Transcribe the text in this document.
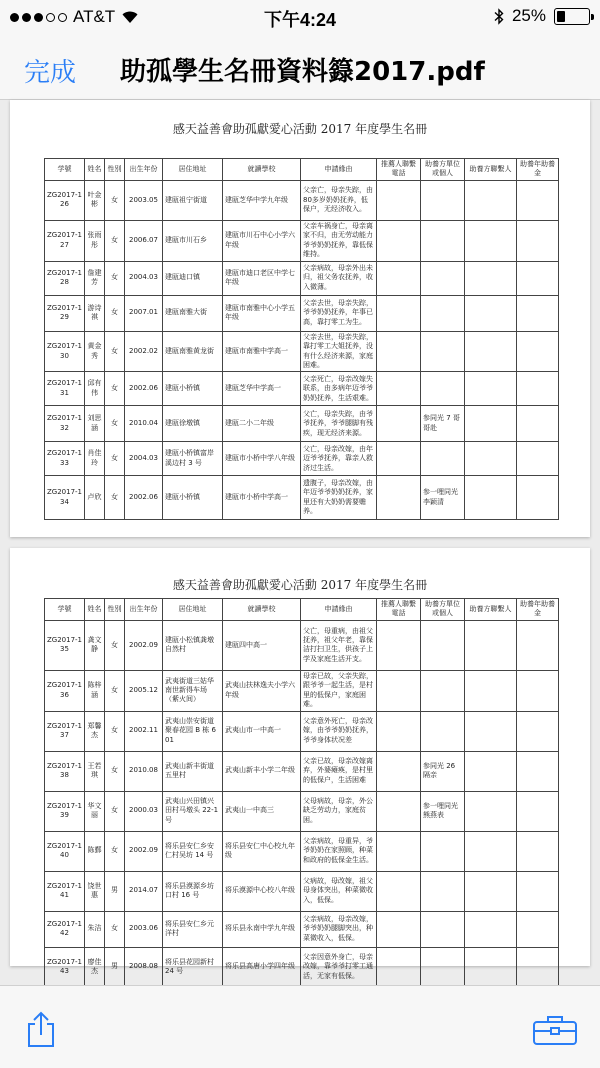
AT&T	下午4:24	25%
完成 助孤學生名冊資料籙2017.pdf
感天益善會助孤獻愛心活動 2017 年度學生名冊
学號	姓名	性別	出生年份	居住地址	就讀學校	申請緣由	推薦人聯繫電話	助養方單位或個人	助養方聯繫人	助養年助養金
ZG2017-126	叶金彬	女	2003.05	建瓯祖宁街道	建瓯芝华中学九年级	父亲亡，母亲失踪，由80多岁奶奶抚养，低保户，无经济收入。				
ZG2017-127	张雨彤	女	2006.07	建瓯市川石乡	建瓯市川石中心小学六年级	父亲车祸身亡，母亲离家不归，由无劳动能力爷爷奶奶抚养，靠低保维持。				
ZG2017-128	詹建芳	女	2004.03	建瓯迪口镇	建瓯市迪口老区中学七年级	父亲病故，母亲外出未归，祖父务农抚养，收入微薄。				
ZG2017-129	游诗祺	女	2007.01	建瓯南雅大街	建瓯市南雅中心小学五年级	父亲去世，母亲失踪，爷爷奶奶抚养，年事已高，靠打零工为生。				
ZG2017-130	黄金秀	女	2002.02	建瓯南雅黄龙街	建瓯市南雅中学高一	父亲去世，母亲失踪，靠打零工大姐抚养，没有什么经济来源，家庭困难。				
ZG2017-131	邱有伟	女	2002.06	建瓯小桥镇	建瓯芝华中学高一	父亲死亡，母亲改嫁失联系，由多病年迈爷爷奶奶抚养，生活艰难。				
ZG2017-132	刘思涵	女	2010.04	建瓯徐墩镇	建瓯二小二年级	父亡，母亲失踪，由爷爷抚养，爷爷腿脚有残疾，现无经济来源。		参同光 7 哥哥赴		
ZG2017-133	肖佳玲	女	2004.03	建瓯小桥镇富岸溪边村 3 号	建瓯市小桥中学八年级	父亡，母亲改嫁，由年迈爷爷抚养，靠亲人救济过生活。				
ZG2017-134	卢欣	女	2002.06	建瓯小桥镇	建瓯市小桥中学高一	遗腹子，母亲改嫁，由年迈爷爷奶奶抚养，家里还有大奶奶需要赡养。		参一哩同光李颖清		
感天益善會助孤獻愛心活動 2017 年度學生名冊
学號	姓名	性別	出生年份	居住地址	就讀學校	申請緣由	推薦人聯繫電話	助養方單位或個人	助養方聯繫人	助養年助養金
ZG2017-135	龚文静	女	2002.09	建瓯小松镇龚墩自然村	建瓯四中高一	父亡，母重病，由祖父抚养，祖父年老，靠保洁打扫卫生，供孩子上学及家庭生活开支。				
ZG2017-136	陈梓涵	女	2005.12	武夷街道三姑华南世新得车场（紫火间）	武夷山扶林逸夫小学六年级	母亲已故，父亲失踪，跟爷爷一起生活，是村里的低保户，家庭困难。				
ZG2017-137	郑馨杰	女	2002.11	武夷山崇安街道聚春花园 B 栋 601	武夷山市一中高一	父亲意外死亡，母亲改嫁，由爷爷奶奶抚养，爷爷身体状况差				
ZG2017-138	王若琪	女	2010.08	武夷山新丰街道五里村	武夷山新丰小学二年级	父亲已故，母亲改嫁离弃，外婆瘫痪，是村里的低保户，生活困难		参同光 26 隔亲		
ZG2017-139	华文丽	女	2000.03	武夷山兴田镇兴田村马墩头 22-1 号	武夷山一中高三	父母病故，母亲，外公缺乏劳动力，家庭贫困。		参一哩同光熊燕表		
ZG2017-140	陈鄞	女	2002.09	将乐县安仁乡安仁村吴坊 14 号	将乐县安仁中心校九年级	父亲病故，母重异，爷爷奶奶在家照顾，种菜和政府的低保金生活。				
ZG2017-141	饶世惠	男	2014.07	将乐县漠源乡坊口村 16 号	将乐漠源中心校八年级	父病故，母改嫁，祖父母身体突出，种菜微收入，低保。				
ZG2017-142	朱洁	女	2003.06	将乐县安仁乡元洋村	将乐县永南中学九年级	父亲病故，母亲改嫁，爷爷奶奶腿脚突出，种菜微收入，低保。				
ZG2017-143	廖佳杰	男	2008.08	将乐县花园新村 24 号	将乐县高唐小学四年级	父亲因意外身亡，母亲改嫁，靠爷爷打零工通活，无家有低保。				
